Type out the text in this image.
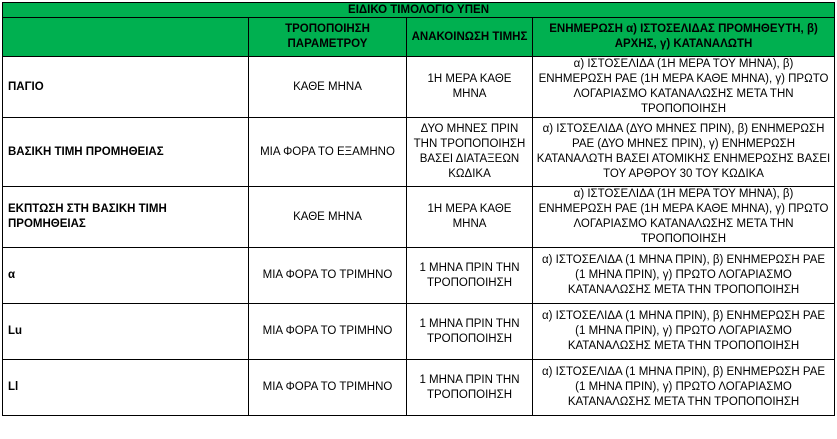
ΕΙΔΙΚΟ ΤΙΜΟΛΟΓΙΟ ΥΠΕΝ			
	ΤΡΟΠΟΠΟΙΗΣΗ ΠΑΡΑΜΕΤΡΟΥ	ΑΝΑΚΟΙΝΩΣΗ ΤΙΜΗΣ	ΕΝΗΜΕΡΩΣΗ α) ΙΣΤΟΣΕΛΙΔΑΣ ΠΡΟΜΗΘΕΥΤΗ, β) ΑΡΧΗΣ, γ) ΚΑΤΑΝΑΛΩΤΗ
ΠΑΓΙΟ	ΚΑΘΕ ΜΗΝΑ	1Η ΜΕΡΑ ΚΑΘΕ ΜΗΝΑ	α) ΙΣΤΟΣΕΛΙΔΑ (1Η ΜΕΡΑ ΤΟΥ ΜΗΝΑ), β) ΕΝΗΜΕΡΩΣΗ ΡΑΕ (1Η ΜΕΡΑ ΚΑΘΕ ΜΗΝΑ), γ) ΠΡΩΤΟ ΛΟΓΑΡΙΑΣΜΟ ΚΑΤΑΝΑΛΩΣΗΣ ΜΕΤΑ ΤΗΝ ΤΡΟΠΟΠΟΙΗΣΗ
ΒΑΣΙΚΗ ΤΙΜΗ ΠΡΟΜΗΘΕΙΑΣ	ΜΙΑ ΦΟΡΑ ΤΟ ΕΞΑΜΗΝΟ	ΔΥΟ ΜΗΝΕΣ ΠΡΙΝ ΤΗΝ ΤΡΟΠΟΠΟΙΗΣΗ ΒΑΣΕΙ ΔΙΑΤΑΞΕΩΝ ΚΩΔΙΚΑ	α) ΙΣΤΟΣΕΛΙΔΑ (ΔΥΟ ΜΗΝΕΣ ΠΡΙΝ), β) ΕΝΗΜΕΡΩΣΗ ΡΑΕ (ΔΥΟ ΜΗΝΕΣ ΠΡΙΝ), γ) ΕΝΗΜΕΡΩΣΗ ΚΑΤΑΝΑΛΩΤΗ ΒΑΣΕΙ ΑΤΟΜΙΚΗΣ ΕΝΗΜΕΡΩΣΗΣ ΒΑΣΕΙ ΤΟΥ ΑΡΘΡΟΥ 30 ΤΟΥ ΚΩΔΙΚΑ
ΕΚΠΤΩΣΗ ΣΤΗ ΒΑΣΙΚΗ ΤΙΜΗ ΠΡΟΜΗΘΕΙΑΣ	ΚΑΘΕ ΜΗΝΑ	1Η ΜΕΡΑ ΚΑΘΕ ΜΗΝΑ	α) ΙΣΤΟΣΕΛΙΔΑ (1Η ΜΕΡΑ ΤΟΥ ΜΗΝΑ), β) ΕΝΗΜΕΡΩΣΗ ΡΑΕ (1Η ΜΕΡΑ ΚΑΘΕ ΜΗΝΑ), γ) ΠΡΩΤΟ ΛΟΓΑΡΙΑΣΜΟ ΚΑΤΑΝΑΛΩΣΗΣ ΜΕΤΑ ΤΗΝ ΤΡΟΠΟΠΟΙΗΣΗ
α	ΜΙΑ ΦΟΡΑ ΤΟ ΤΡΙΜΗΝΟ	1 ΜΗΝΑ ΠΡΙΝ ΤΗΝ ΤΡΟΠΟΠΟΙΗΣΗ	α) ΙΣΤΟΣΕΛΙΔΑ (1 ΜΗΝΑ ΠΡΙΝ), β) ΕΝΗΜΕΡΩΣΗ ΡΑΕ (1 ΜΗΝΑ ΠΡΙΝ), γ) ΠΡΩΤΟ ΛΟΓΑΡΙΑΣΜΟ ΚΑΤΑΝΑΛΩΣΗΣ ΜΕΤΑ ΤΗΝ ΤΡΟΠΟΠΟΙΗΣΗ
Lu	ΜΙΑ ΦΟΡΑ ΤΟ ΤΡΙΜΗΝΟ	1 ΜΗΝΑ ΠΡΙΝ ΤΗΝ ΤΡΟΠΟΠΟΙΗΣΗ	α) ΙΣΤΟΣΕΛΙΔΑ (1 ΜΗΝΑ ΠΡΙΝ), β) ΕΝΗΜΕΡΩΣΗ ΡΑΕ (1 ΜΗΝΑ ΠΡΙΝ), γ) ΠΡΩΤΟ ΛΟΓΑΡΙΑΣΜΟ ΚΑΤΑΝΑΛΩΣΗΣ ΜΕΤΑ ΤΗΝ ΤΡΟΠΟΠΟΙΗΣΗ
Ll	ΜΙΑ ΦΟΡΑ ΤΟ ΤΡΙΜΗΝΟ	1 ΜΗΝΑ ΠΡΙΝ ΤΗΝ ΤΡΟΠΟΠΟΙΗΣΗ	α) ΙΣΤΟΣΕΛΙΔΑ (1 ΜΗΝΑ ΠΡΙΝ), β) ΕΝΗΜΕΡΩΣΗ ΡΑΕ (1 ΜΗΝΑ ΠΡΙΝ), γ) ΠΡΩΤΟ ΛΟΓΑΡΙΑΣΜΟ ΚΑΤΑΝΑΛΩΣΗΣ ΜΕΤΑ ΤΗΝ ΤΡΟΠΟΠΟΙΗΣΗ
